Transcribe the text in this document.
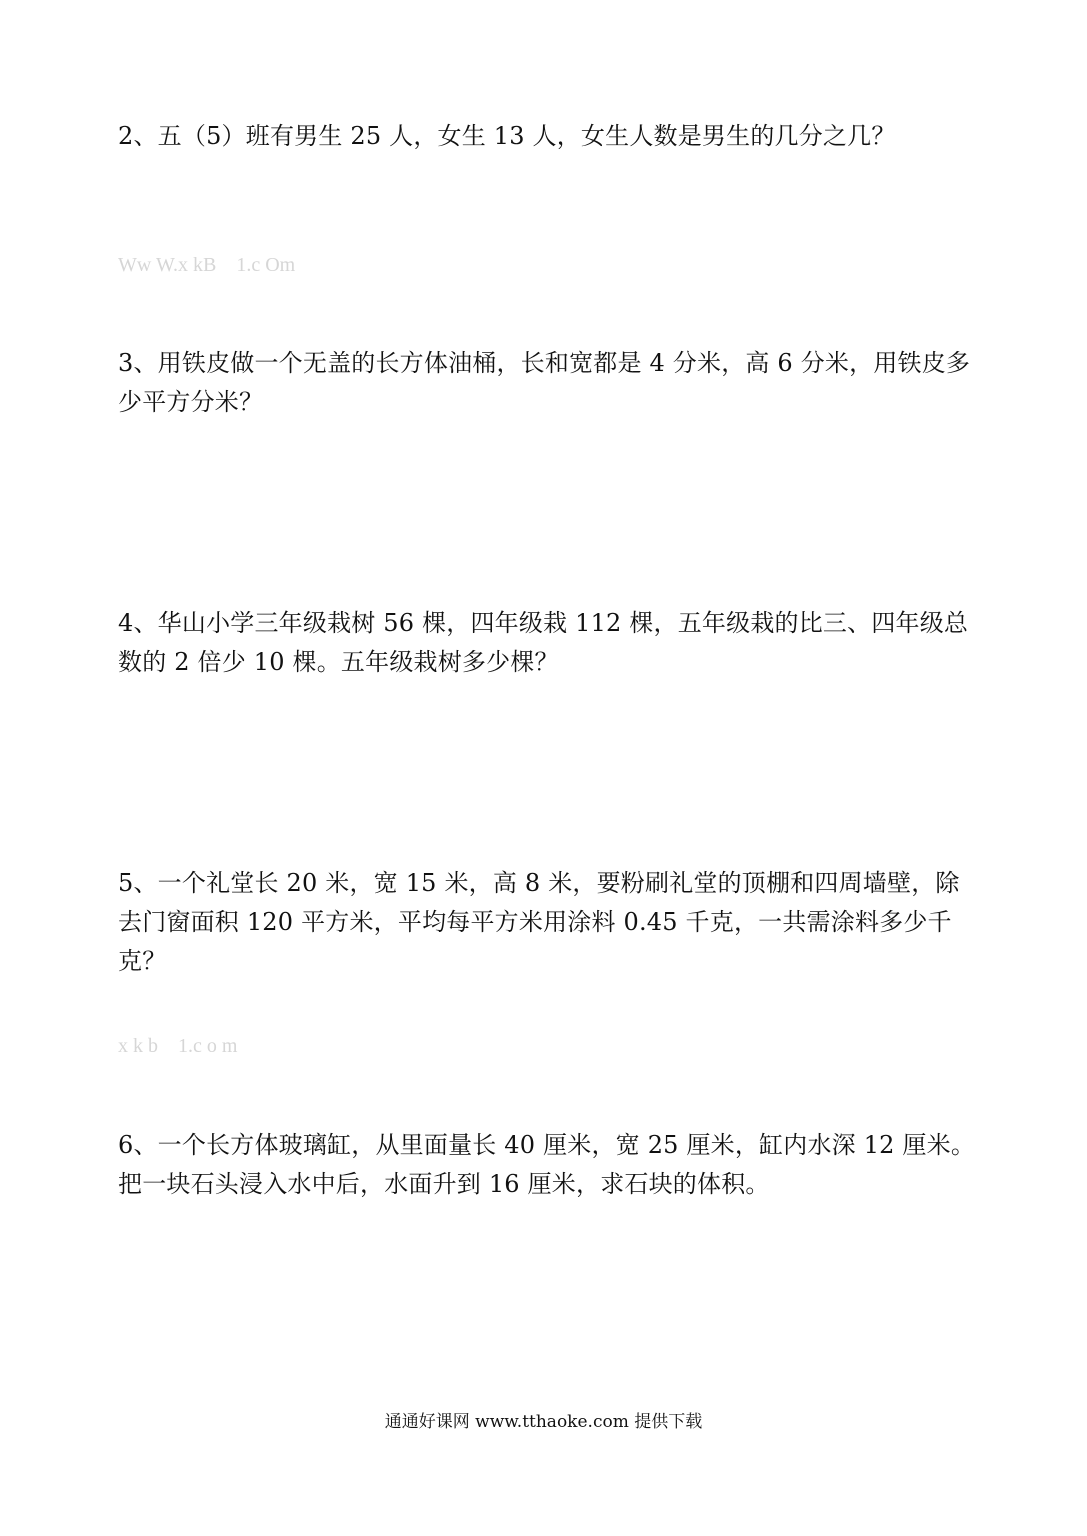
2、五（5）班有男生 25 人，女生 13 人，女生人数是男生的几分之几？
Ww W.x kB    1.c Om
3、用铁皮做一个无盖的长方体油桶，长和宽都是 4 分米，高 6 分米，用铁皮多少平方分米？
4、华山小学三年级栽树 56 棵，四年级栽 112 棵，五年级栽的比三、四年级总数的 2 倍少 10 棵。五年级栽树多少棵？
5、一个礼堂长 20 米，宽 15 米，高 8 米，要粉刷礼堂的顶棚和四周墙壁，除去门窗面积 120 平方米，平均每平方米用涂料 0.45 千克，一共需涂料多少千克？
x k b    1.c o m
6、一个长方体玻璃缸，从里面量长 40 厘米，宽 25 厘米，缸内水深 12 厘米。把一块石头浸入水中后，水面升到 16 厘米，求石块的体积。
通通好课网 www.tthaoke.com 提供下载
